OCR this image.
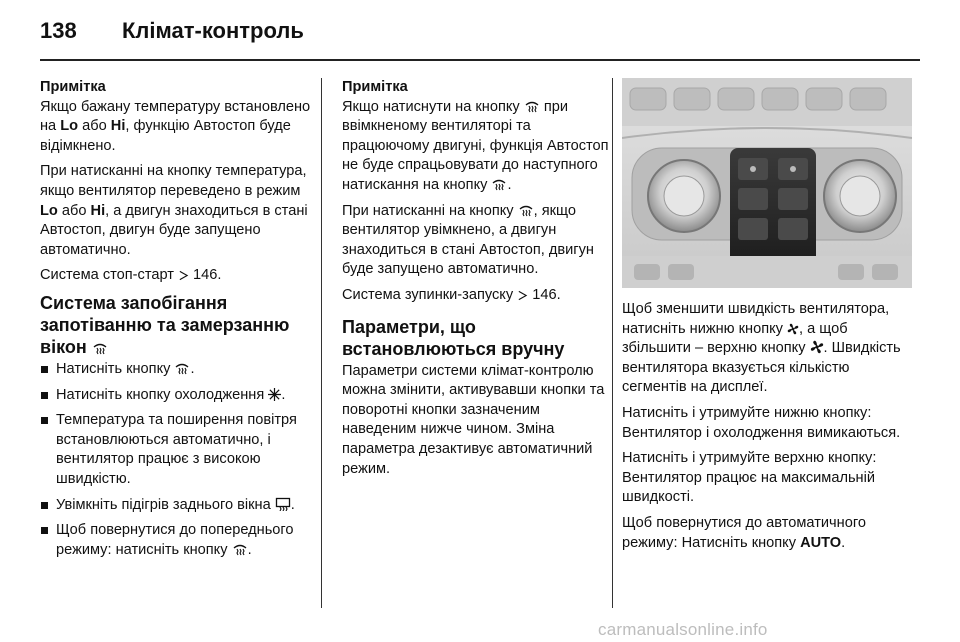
138 Клімат-контроль
Примітка

Якщо бажану температуру встановлено на Lo або Hi, функцію Автостоп буде відімкнено.

При натисканні на кнопку температура, якщо вентилятор переведено в режим Lo або Hi, а двигун знаходиться в стані Автостоп, двигун буде запущено автоматично.

Система стоп-старт
146.

Система запобігання запотіванню та замерзанню вікон
Натисніть кнопку
.
Натисніть кнопку охолодження
.
Температура та поширення повітря встановлюються автоматично, і вентилятор працює з високою швидкістю.
Увімкніть підігрів заднього вікна
.
Щоб повернутися до попереднього режиму: натисніть кнопку
.
Примітка

Якщо натиснути на кнопку
при ввімкненому вентиляторі та працюючому двигуні, функція Автостоп не буде спрацьовувати до наступного натискання на кнопку
.

При натисканні на кнопку
, якщо вентилятор увімкнено, а двигун знаходиться в стані Автостоп, двигун буде запущено автоматично.

Система зупинки-запуску
146.

Параметри, що встановлюються вручну

Параметри системи клімат-контролю можна змінити, активувавши кнопки та поворотні кнопки зазначеним наведеним нижче чином. Зміна параметра дезактивує автоматичний режим.

Щоб зменшити швидкість вентилятора, натисніть нижню кнопку
, а щоб збільшити – верхню кнопку
. Швидкість вентилятора вказується кількістю сегментів на дисплеї.

Натисніть і утримуйте нижню кнопку: Вентилятор і охолодження вимикаються.

Натисніть і утримуйте верхню кнопку: Вентилятор працює на максимальній швидкості.

Щоб повернутися до автоматичного режиму: Натисніть кнопку AUTO.

carmanualsonline.info
